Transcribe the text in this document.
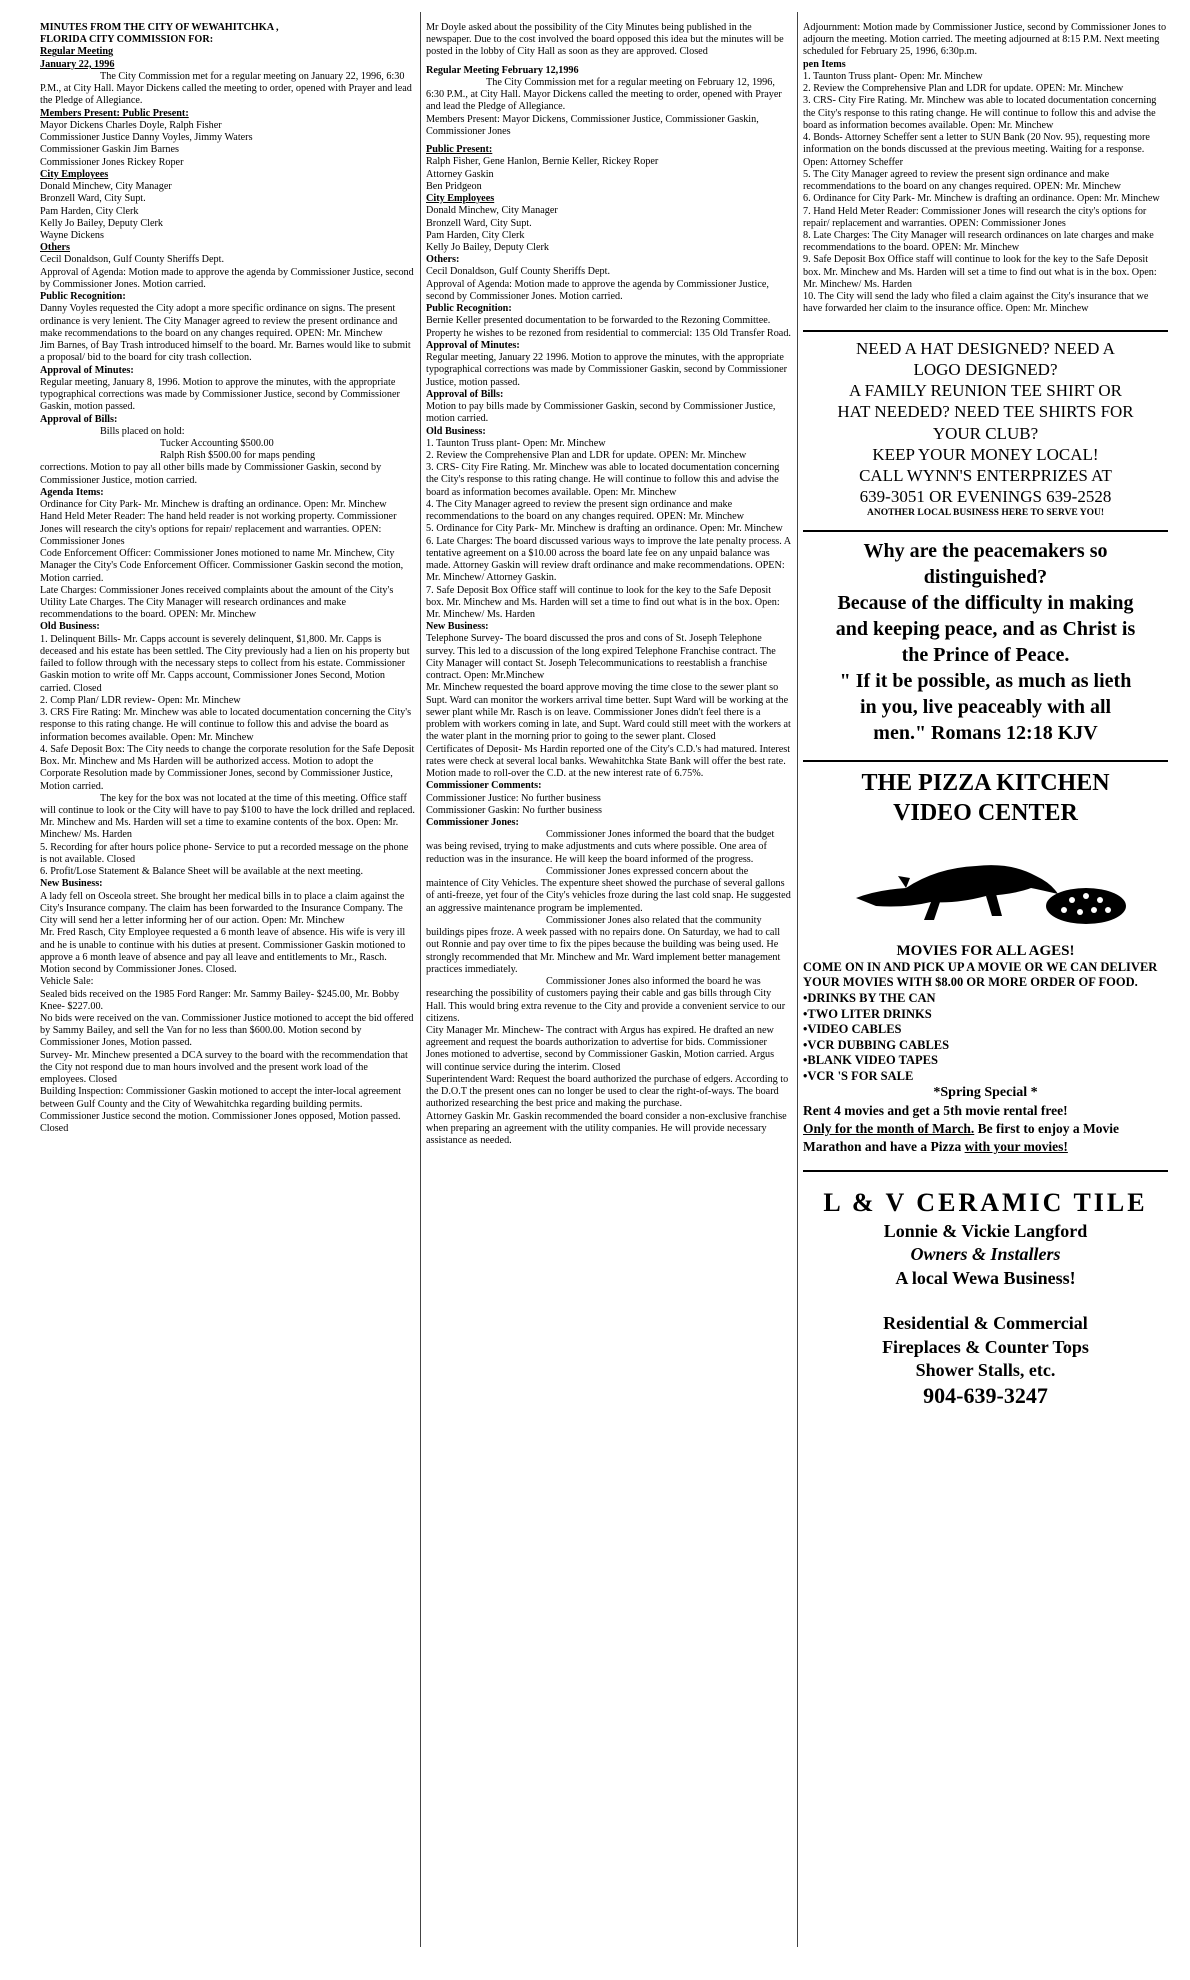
MINUTES FROM THE CITY OF WEWAHITCHKA ,

FLORIDA CITY COMMISSION FOR:

Regular Meeting

January 22, 1996

The City Commission met for a regular meeting on January 22, 1996, 6:30 P.M., at City Hall. Mayor Dickens called the meeting to order, opened with Prayer and lead the Pledge of Allegiance.

Members Present: Public Present:

Mayor Dickens Charles Doyle, Ralph Fisher

Commissioner Justice Danny Voyles, Jimmy Waters

Commissioner Gaskin Jim Barnes

Commissioner Jones Rickey Roper

City Employees

Donald Minchew, City Manager

Bronzell Ward, City Supt.

Pam Harden, City Clerk

Kelly Jo Bailey, Deputy Clerk

Wayne Dickens

Others

Cecil Donaldson, Gulf County Sheriffs Dept.

Approval of Agenda: Motion made to approve the agenda by Commissioner Justice, second by Commissioner Jones. Motion carried.

Public Recognition:

Danny Voyles requested the City adopt a more specific ordinance on signs. The present ordinance is very lenient. The City Manager agreed to review the present ordinance and make recommendations to the board on any changes required. OPEN: Mr. Minchew

Jim Barnes, of Bay Trash introduced himself to the board. Mr. Barnes would like to submit a proposal/ bid to the board for city trash collection.

Approval of Minutes:

Regular meeting, January 8, 1996. Motion to approve the minutes, with the appropriate typographical corrections was made by Commissioner Justice, second by Commissioner Gaskin, motion passed.

Approval of Bills:

Bills placed on hold:

Tucker Accounting $500.00

Ralph Rish $500.00 for maps pending

corrections. Motion to pay all other bills made by Commissioner Gaskin, second by Commissioner Justice, motion carried.

Agenda Items:

Ordinance for City Park- Mr. Minchew is drafting an ordinance. Open: Mr. Minchew

Hand Held Meter Reader: The hand held reader is not working property. Commissioner Jones will research the city's options for repair/ replacement and warranties. OPEN: Commissioner Jones

Code Enforcement Officer: Commissioner Jones motioned to name Mr. Minchew, City Manager the City's Code Enforcement Officer. Commissioner Gaskin second the motion, Motion carried.

Late Charges: Commissioner Jones received complaints about the amount of the City's Utility Late Charges. The City Manager will research ordinances and make recommendations to the board. OPEN: Mr. Minchew

Old Business:

1. Delinquent Bills- Mr. Capps account is severely delinquent, $1,800. Mr. Capps is deceased and his estate has been settled. The City previously had a lien on his property but failed to follow through with the necessary steps to collect from his estate. Commissioner Gaskin motion to write off Mr. Capps account, Commissioner Jones Second, Motion carried. Closed

2. Comp Plan/ LDR review- Open: Mr. Minchew

3. CRS Fire Rating: Mr. Minchew was able to located documentation concerning the City's response to this rating change. He will continue to follow this and advise the board as information becomes available. Open: Mr. Minchew

4. Safe Deposit Box: The City needs to change the corporate resolution for the Safe Deposit Box. Mr. Minchew and Ms Harden will be authorized access. Motion to adopt the Corporate Resolution made by Commissioner Jones, second by Commissioner Justice, Motion carried.

The key for the box was not located at the time of this meeting. Office staff will continue to look or the City will have to pay $100 to have the lock drilled and replaced. Mr. Minchew and Ms. Harden will set a time to examine contents of the box. Open: Mr. Minchew/ Ms. Harden

5. Recording for after hours police phone- Service to put a recorded message on the phone is not available. Closed

6. Profit/Lose Statement & Balance Sheet will be available at the next meeting.

New Business:

A lady fell on Osceola street. She brought her medical bills in to place a claim against the City's Insurance company. The claim has been forwarded to the Insurance Company. The City will send her a letter informing her of our action. Open: Mr. Minchew

Mr. Fred Rasch, City Employee requested a 6 month leave of absence. His wife is very ill and he is unable to continue with his duties at present. Commissioner Gaskin motioned to approve a 6 month leave of absence and pay all leave and entitlements to Mr., Rasch. Motion second by Commissioner Jones. Closed.

Vehicle Sale:

Sealed bids received on the 1985 Ford Ranger: Mr. Sammy Bailey- $245.00, Mr. Bobby Knee- $227.00.

No bids were received on the van. Commissioner Justice motioned to accept the bid offered by Sammy Bailey, and sell the Van for no less than $600.00. Motion second by Commissioner Jones, Motion passed.

Survey- Mr. Minchew presented a DCA survey to the board with the recommendation that the City not respond due to man hours involved and the present work load of the employees. Closed

Building Inspection: Commissioner Gaskin motioned to accept the inter-local agreement between Gulf County and the City of Wewahitchka regarding building permits. Commissioner Justice second the motion. Commissioner Jones opposed, Motion passed. Closed

Mr Doyle asked about the possibility of the City Minutes being published in the newspaper. Due to the cost involved the board opposed this idea but the minutes will be posted in the lobby of City Hall as soon as they are approved. Closed

Regular Meeting February 12,1996

The City Commission met for a regular meeting on February 12, 1996, 6:30 P.M., at City Hall. Mayor Dickens called the meeting to order, opened with Prayer and lead the Pledge of Allegiance.

Members Present: Mayor Dickens, Commissioner Justice, Commissioner Gaskin, Commissioner Jones

Public Present:

Ralph Fisher, Gene Hanlon, Bernie Keller, Rickey Roper

Attorney Gaskin

Ben Pridgeon

City Employees

Donald Minchew, City Manager

Bronzell Ward, City Supt.

Pam Harden, City Clerk

Kelly Jo Bailey, Deputy Clerk

Others:

Cecil Donaldson, Gulf County Sheriffs Dept.

Approval of Agenda: Motion made to approve the agenda by Commissioner Justice, second by Commissioner Jones. Motion carried.

Public Recognition:

Bernie Keller presented documentation to be forwarded to the Rezoning Committee. Property he wishes to be rezoned from residential to commercial: 135 Old Transfer Road.

Approval of Minutes:

Regular meeting, January 22 1996. Motion to approve the minutes, with the appropriate typographical corrections was made by Commissioner Gaskin, second by Commissioner Justice, motion passed.

Approval of Bills:

Motion to pay bills made by Commissioner Gaskin, second by Commissioner Justice, motion carried.

Old Business:

1. Taunton Truss plant- Open: Mr. Minchew

2. Review the Comprehensive Plan and LDR for update. OPEN: Mr. Minchew

3. CRS- City Fire Rating. Mr. Minchew was able to located documentation concerning the City's response to this rating change. He will continue to follow this and advise the board as information becomes available. Open: Mr. Minchew

4. The City Manager agreed to review the present sign ordinance and make recommendations to the board on any changes required. OPEN: Mr. Minchew

5. Ordinance for City Park- Mr. Minchew is drafting an ordinance. Open: Mr. Minchew

6. Late Charges: The board discussed various ways to improve the late penalty process. A tentative agreement on a $10.00 across the board late fee on any unpaid balance was made. Attorney Gaskin will review draft ordinance and make recommendations. OPEN: Mr. Minchew/ Attorney Gaskin.

7. Safe Deposit Box Office staff will continue to look for the key to the Safe Deposit box. Mr. Minchew and Ms. Harden will set a time to find out what is in the box. Open: Mr. Minchew/ Ms. Harden

New Business:

Telephone Survey- The board discussed the pros and cons of St. Joseph Telephone survey. This led to a discussion of the long expired Telephone Franchise contract. The City Manager will contact St. Joseph Telecommunications to reestablish a franchise contract. Open: Mr.Minchew

Mr. Minchew requested the board approve moving the time close to the sewer plant so Supt. Ward can monitor the workers arrival time better. Supt Ward will be working at the sewer plant while Mr. Rasch is on leave. Commissioner Jones didn't feel there is a problem with workers coming in late, and Supt. Ward could still meet with the workers at the water plant in the morning prior to going to the sewer plant. Closed

Certificates of Deposit- Ms Hardin reported one of the City's C.D.'s had matured. Interest rates were check at several local banks. Wewahitchka State Bank will offer the best rate. Motion made to roll-over the C.D. at the new interest rate of 6.75%.

Commissioner Comments:

Commissioner Justice: No further business

Commissioner Gaskin: No further business

Commissioner Jones:

Commissioner Jones informed the board that the budget was being revised, trying to make adjustments and cuts where possible. One area of reduction was in the insurance. He will keep the board informed of the progress.

Commissioner Jones expressed concern about the maintence of City Vehicles. The expenture sheet showed the purchase of several gallons of anti-freeze, yet four of the City's vehicles froze during the last cold snap. He suggested an aggressive maintenance program be implemented.

Commissioner Jones also related that the community buildings pipes froze. A week passed with no repairs done. On Saturday, we had to call out Ronnie and pay over time to fix the pipes because the building was being used. He strongly recommended that Mr. Minchew and Mr. Ward implement better management practices immediately.

Commissioner Jones also informed the board he was researching the possibility of customers paying their cable and gas bills through City Hall. This would bring extra revenue to the City and provide a convenient service to our citizens.

City Manager Mr. Minchew- The contract with Argus has expired. He drafted an new agreement and request the boards authorization to advertise for bids. Commissioner Jones motioned to advertise, second by Commissioner Gaskin, Motion carried. Argus will continue service during the interim. Closed

Superintendent Ward: Request the board authorized the purchase of edgers. According to the D.O.T the present ones can no longer be used to clear the right-of-ways. The board authorized researching the best price and making the purchase.

Attorney Gaskin Mr. Gaskin recommended the board consider a non-exclusive franchise when preparing an agreement with the utility companies. He will provide necessary assistance as needed.

Adjournment: Motion made by Commissioner Justice, second by Commissioner Jones to adjourn the meeting. Motion carried. The meeting adjourned at 8:15 P.M. Next meeting scheduled for February 25, 1996, 6:30p.m.

pen Items

1. Taunton Truss plant- Open: Mr. Minchew

2. Review the Comprehensive Plan and LDR for update. OPEN: Mr. Minchew

3. CRS- City Fire Rating. Mr. Minchew was able to located documentation concerning the City's response to this rating change. He will continue to follow this and advise the board as information becomes available. Open: Mr. Minchew

4. Bonds- Attorney Scheffer sent a letter to SUN Bank (20 Nov. 95), requesting more information on the bonds discussed at the previous meeting. Waiting for a response. Open: Attorney Scheffer

5. The City Manager agreed to review the present sign ordinance and make recommendations to the board on any changes required. OPEN: Mr. Minchew

6. Ordinance for City Park- Mr. Minchew is drafting an ordinance. Open: Mr. Minchew

7. Hand Held Meter Reader: Commissioner Jones will research the city's options for repair/ replacement and warranties. OPEN: Commissioner Jones

8. Late Charges: The City Manager will research ordinances on late charges and make recommendations to the board. OPEN: Mr. Minchew

9. Safe Deposit Box Office staff will continue to look for the key to the Safe Deposit box. Mr. Minchew and Ms. Harden will set a time to find out what is in the box. Open: Mr. Minchew/ Ms. Harden

10. The City will send the lady who filed a claim against the City's insurance that we have forwarded her claim to the insurance office. Open: Mr. Minchew

NEED A HAT DESIGNED? NEED A
LOGO DESIGNED?
A FAMILY REUNION TEE SHIRT OR
HAT NEEDED? NEED TEE SHIRTS FOR
YOUR CLUB?
KEEP YOUR MONEY LOCAL!
CALL WYNN'S ENTERPRIZES AT
639-3051 OR EVENINGS 639-2528
ANOTHER LOCAL BUSINESS HERE TO SERVE YOU!
Why are the peacemakers so
distinguished?
Because of the difficulty in making
and keeping peace, and as Christ is
the Prince of Peace.
" If it be possible, as much as lieth
in you, live peaceably with all
men." Romans 12:18 KJV
THE PIZZA KITCHEN
VIDEO CENTER
MOVIES FOR ALL AGES!
COME ON IN AND PICK UP A MOVIE OR WE CAN DELIVER YOUR MOVIES WITH $8.00 OR MORE ORDER OF FOOD.
•DRINKS BY THE CAN
•TWO LITER DRINKS
•VIDEO CABLES
•VCR DUBBING CABLES
•BLANK VIDEO TAPES
•VCR 'S FOR SALE
*Spring Special *
Rent 4 movies and get a 5th movie rental free!
Only for the month of March. Be first to enjoy a Movie Marathon and have a Pizza with your movies!
L & V CERAMIC TILE
Lonnie & Vickie Langford
Owners & Installers
A local Wewa Business!
Residential & Commercial
Fireplaces & Counter Tops
Shower Stalls, etc.
904-639-3247
